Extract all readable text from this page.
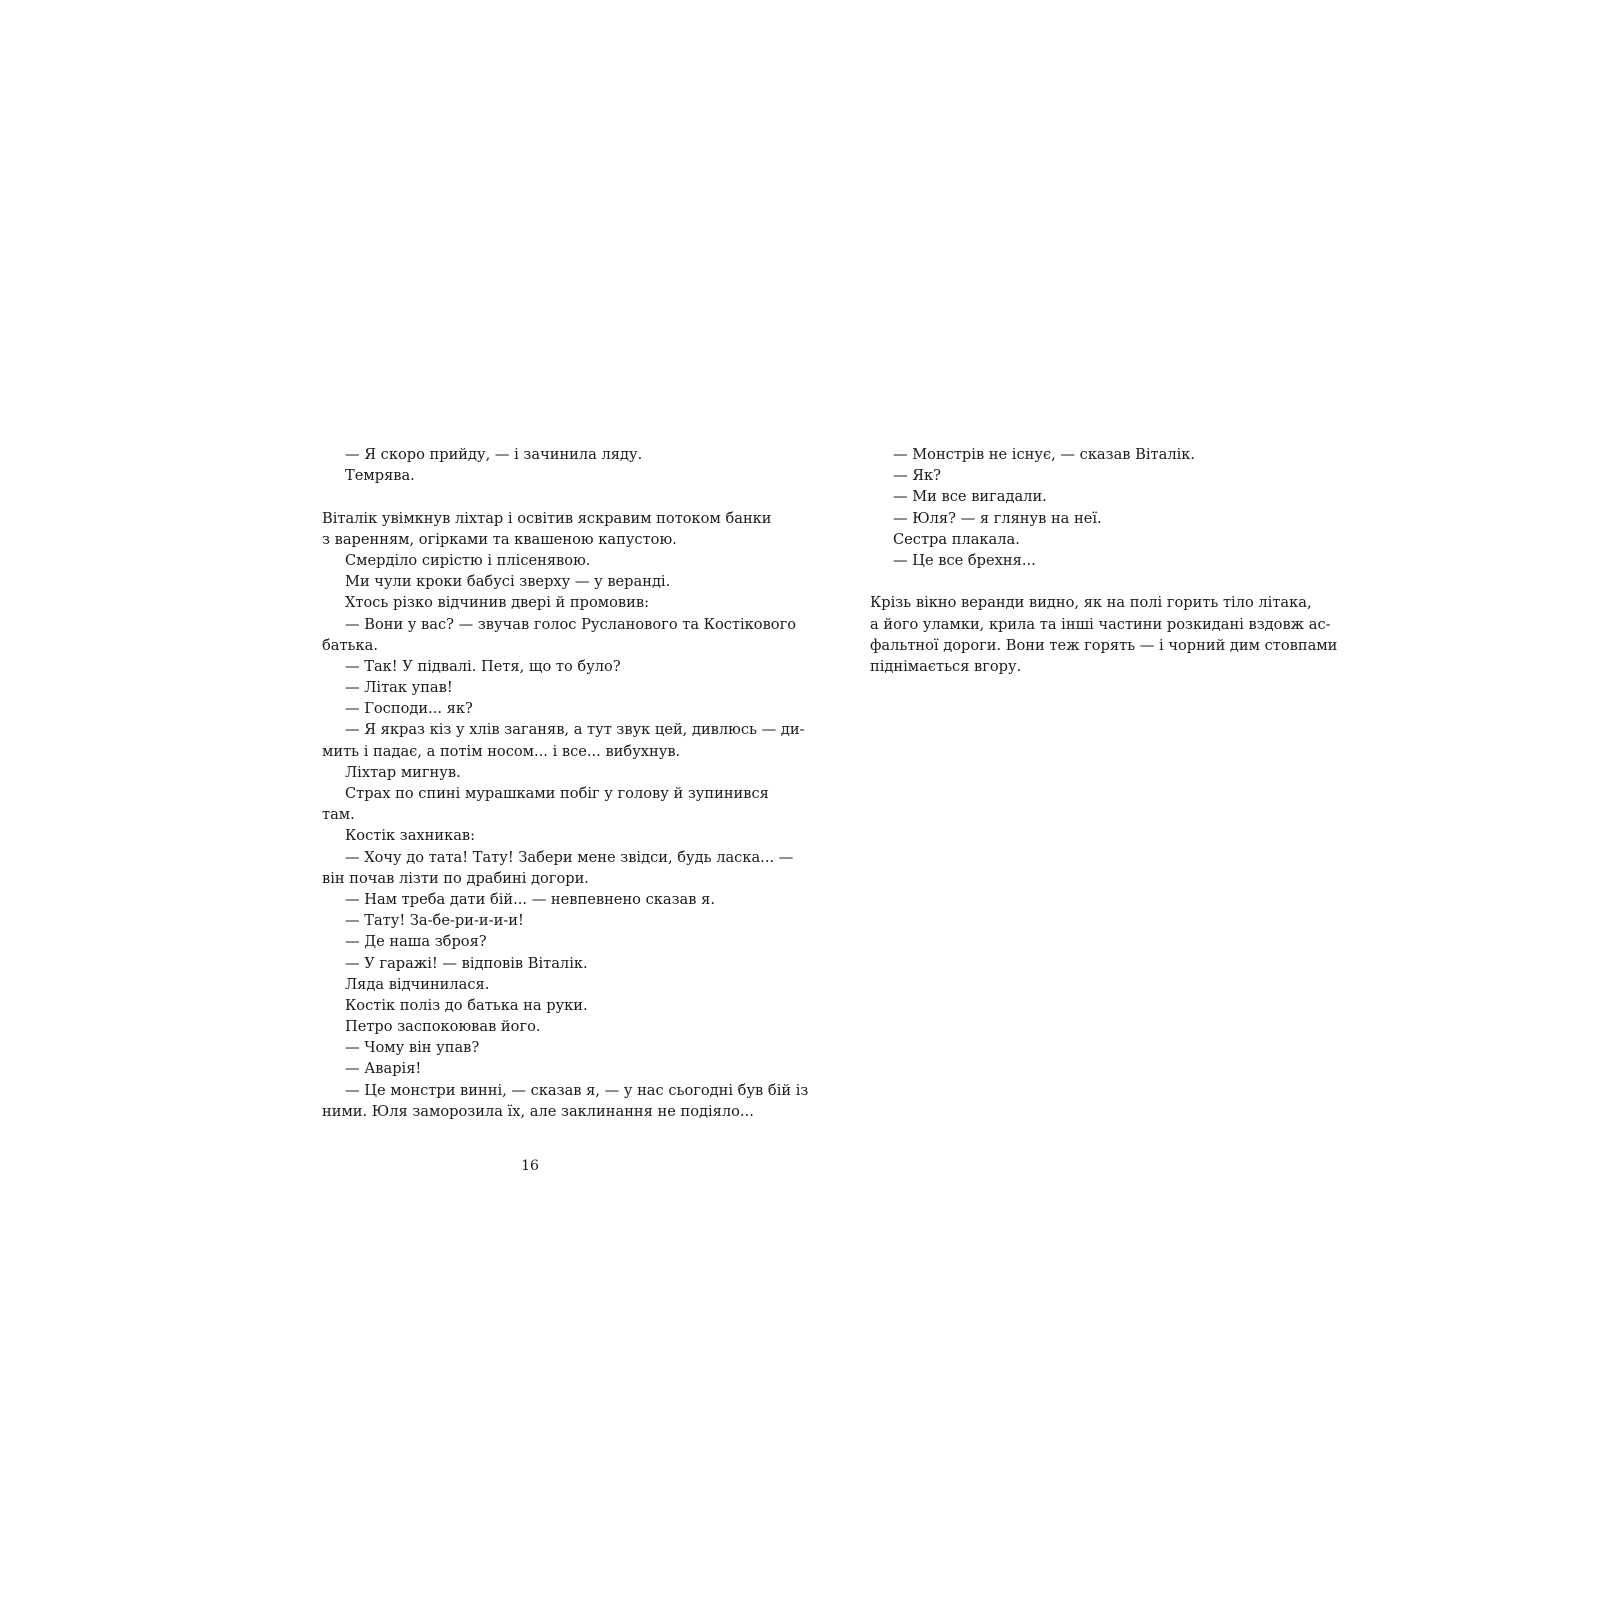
— Я скоро прийду, — і зачинила ляду.
Темрява.
Віталік увімкнув ліхтар і освітив яскравим потоком банки
з варенням, огірками та квашеною капустою.
Смерділо сирістю і плісенявою.
Ми чули кроки бабусі зверху — у веранді.
Хтось різко відчинив двері й промовив:
— Вони у вас? — звучав голос Русланового та Костікового
батька.
— Так! У підвалі. Петя, що то було?
— Літак упав!
— Господи... як?
— Я якраз кіз у хлів заганяв, а тут звук цей, дивлюсь — ди-
мить і падає, а потім носом... і все... вибухнув.
Ліхтар мигнув.
Страх по спині мурашками побіг у голову й зупинився
там.
Костік захникав:
— Хочу до тата! Тату! Забери мене звідси, будь ласка... —
він почав лізти по драбині догори.
— Нам треба дати бій... — невпевнено сказав я.
— Тату! За-бе-ри-и-и-и!
— Де наша зброя?
— У гаражі! — відповів Віталік.
Ляда відчинилася.
Костік поліз до батька на руки.
Петро заспокоював його.
— Чому він упав?
— Аварія!
— Це монстри винні, — сказав я, — у нас сьогодні був бій із
ними. Юля заморозила їх, але заклинання не подіяло...
16
— Монстрів не існує, — сказав Віталік.
— Як?
— Ми все вигадали.
— Юля? — я глянув на неї.
Сестра плакала.
— Це все брехня...
Крізь вікно веранди видно, як на полі горить тіло літака,
а його уламки, крила та інші частини розкидані вздовж ас-
фальтної дороги. Вони теж горять — і чорний дим стовпами
піднімається вгору.
